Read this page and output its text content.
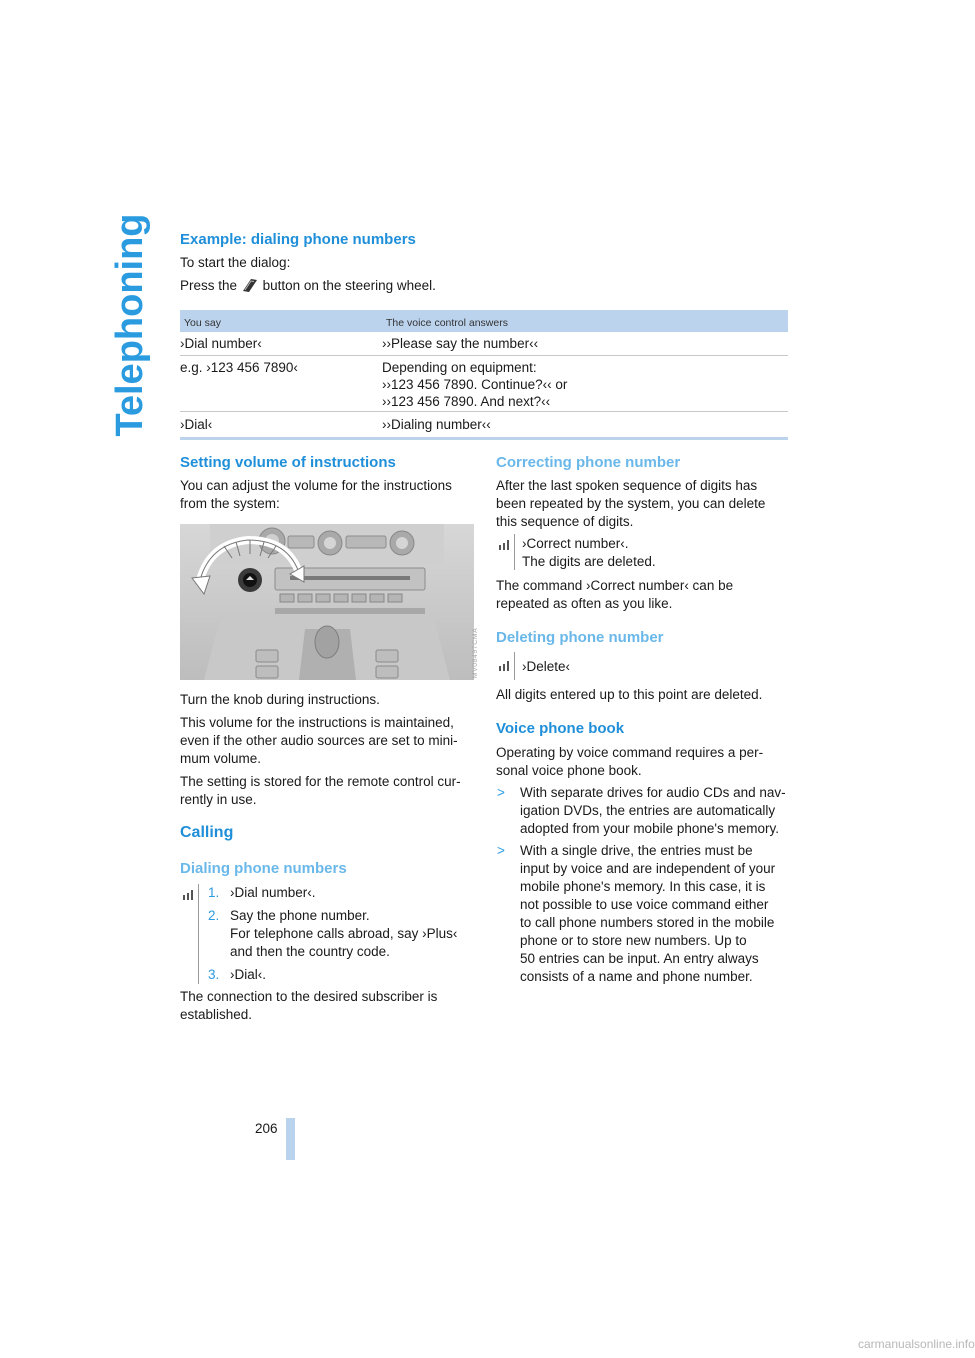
Telephoning Example: dialing phone numbers

To start the dialog:

Press the button on the steering wheel.

You say	The voice control answers
›Dial number‹	››Please say the number‹‹
e.g. ›123 456 7890‹	Depending on equipment:
››123 456 7890. Continue?‹‹ or
››123 456 7890. And next?‹‹
›Dial‹	››Dialing number‹‹
Setting volume of instructions

You can adjust the volume for the instructions

from the system:

MV08497CMA

Turn the knob during instructions.

This volume for the instructions is maintained,

even if the other audio sources are set to mini-

mum volume.

The setting is stored for the remote control cur-

rently in use.

Calling
Dialing phone numbers
1. ›Dial number‹.
2. Say the phone number.
For telephone calls abroad, say ›Plus‹
and then the country code.
3. ›Dial‹.

The connection to the desired subscriber is

established.

Correcting phone number

After the last spoken sequence of digits has

been repeated by the system, you can delete

this sequence of digits.

›Correct number‹.
The digits are deleted.

The command ›Correct number‹ can be

repeated as often as you like.

Deleting phone number
›Delete‹

All digits entered up to this point are deleted.

Voice phone book

Operating by voice command requires a per-

sonal voice phone book.

> With separate drives for audio CDs and nav-
igation DVDs, the entries are automatically
adopted from your mobile phone's memory.
> With a single drive, the entries must be
input by voice and are independent of your
mobile phone's memory. In this case, it is
not possible to use voice command either
to call phone numbers stored in the mobile
phone or to store new numbers. Up to
50 entries can be input. An entry always
consists of a name and phone number.
206
carmanualsonline.info
